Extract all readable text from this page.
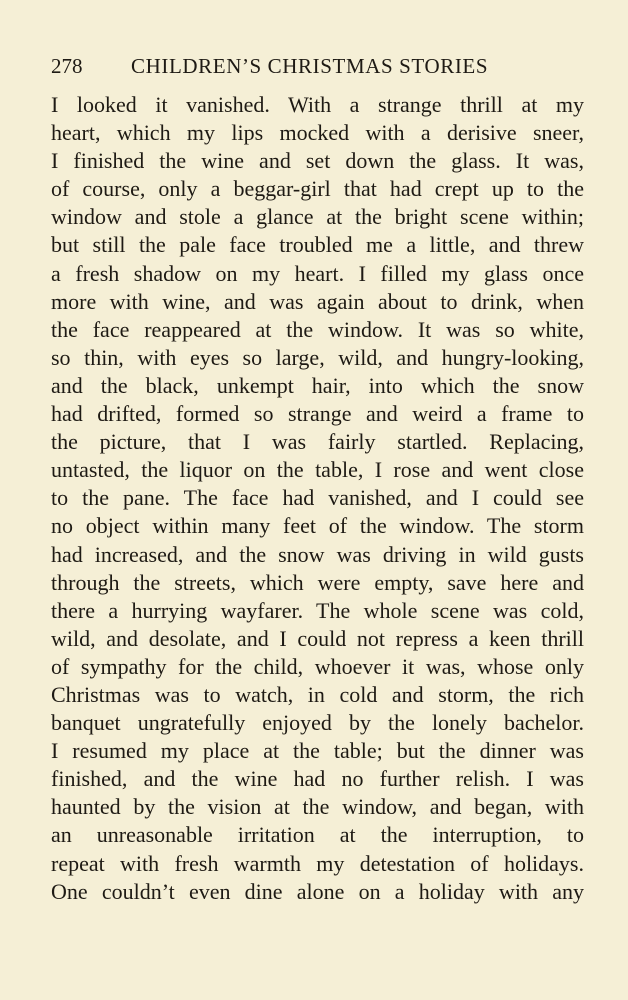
278 CHILDREN’S CHRISTMAS STORIES
I looked it vanished. With a strange thrill at my
heart, which my lips mocked with a derisive sneer,
I finished the wine and set down the glass. It was,
of course, only a beggar-girl that had crept up to the
window and stole a glance at the bright scene within;
but still the pale face troubled me a little, and threw
a fresh shadow on my heart. I filled my glass once
more with wine, and was again about to drink, when
the face reappeared at the window. It was so white,
so thin, with eyes so large, wild, and hungry-looking,
and the black, unkempt hair, into which the snow
had drifted, formed so strange and weird a frame to
the picture, that I was fairly startled. Replacing,
untasted, the liquor on the table, I rose and went close
to the pane. The face had vanished, and I could see
no object within many feet of the window. The storm
had increased, and the snow was driving in wild gusts
through the streets, which were empty, save here and
there a hurrying wayfarer. The whole scene was cold,
wild, and desolate, and I could not repress a keen thrill
of sympathy for the child, whoever it was, whose only
Christmas was to watch, in cold and storm, the rich
banquet ungratefully enjoyed by the lonely bachelor.
I resumed my place at the table; but the dinner was
finished, and the wine had no further relish. I was
haunted by the vision at the window, and began, with
an unreasonable irritation at the interruption, to
repeat with fresh warmth my detestation of holidays.
One couldn’t even dine alone on a holiday with any
